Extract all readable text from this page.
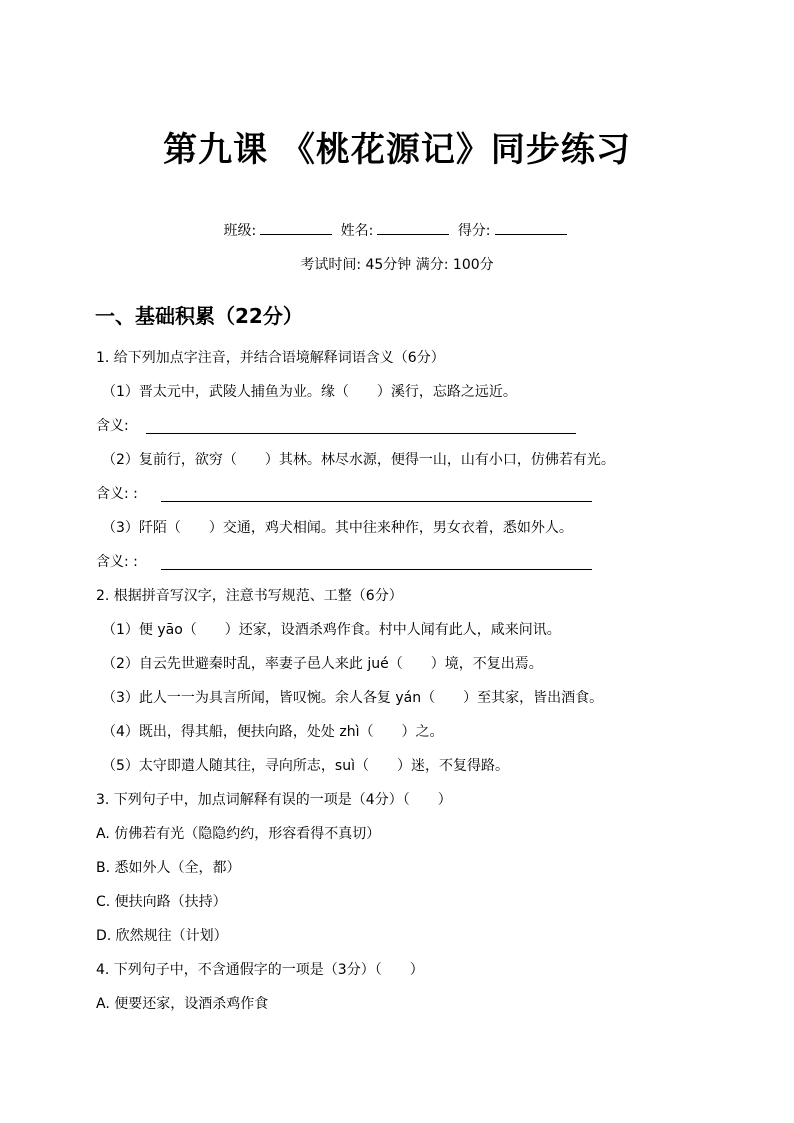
第九课 《桃花源记》同步练习
班级:	姓名:	得分:
考试时间: 45分钟 满分: 100分
一、基础积累（22分）
1. 给下列加点字注音，并结合语境解释词语含义（6分）
（1）晋太元中，武陵人捕鱼为业。缘（　　）溪行，忘路之远近。
含义:
（2）复前行，欲穷（　　）其林。林尽水源，便得一山，山有小口，仿佛若有光。
含义: :
（3）阡陌（　　）交通，鸡犬相闻。其中往来种作，男女衣着，悉如外人。
含义: :
2. 根据拼音写汉字，注意书写规范、工整（6分）
（1）便 yāo（　　）还家，设酒杀鸡作食。村中人闻有此人，咸来问讯。
（2）自云先世避秦时乱，率妻子邑人来此 jué（　　）境，不复出焉。
（3）此人一一为具言所闻，皆叹惋。余人各复 yán（　　）至其家，皆出酒食。
（4）既出，得其船，便扶向路，处处 zhì（　　）之。
（5）太守即遣人随其往，寻向所志，suì（　　）迷，不复得路。
3. 下列句子中，加点词解释有误的一项是（4分）（　　）
A. 仿佛若有光（隐隐约约，形容看得不真切）
B. 悉如外人（全，都）
C. 便扶向路（扶持）
D. 欣然规往（计划）
4. 下列句子中，不含通假字的一项是（3分）（　　）
A. 便要还家，设酒杀鸡作食
